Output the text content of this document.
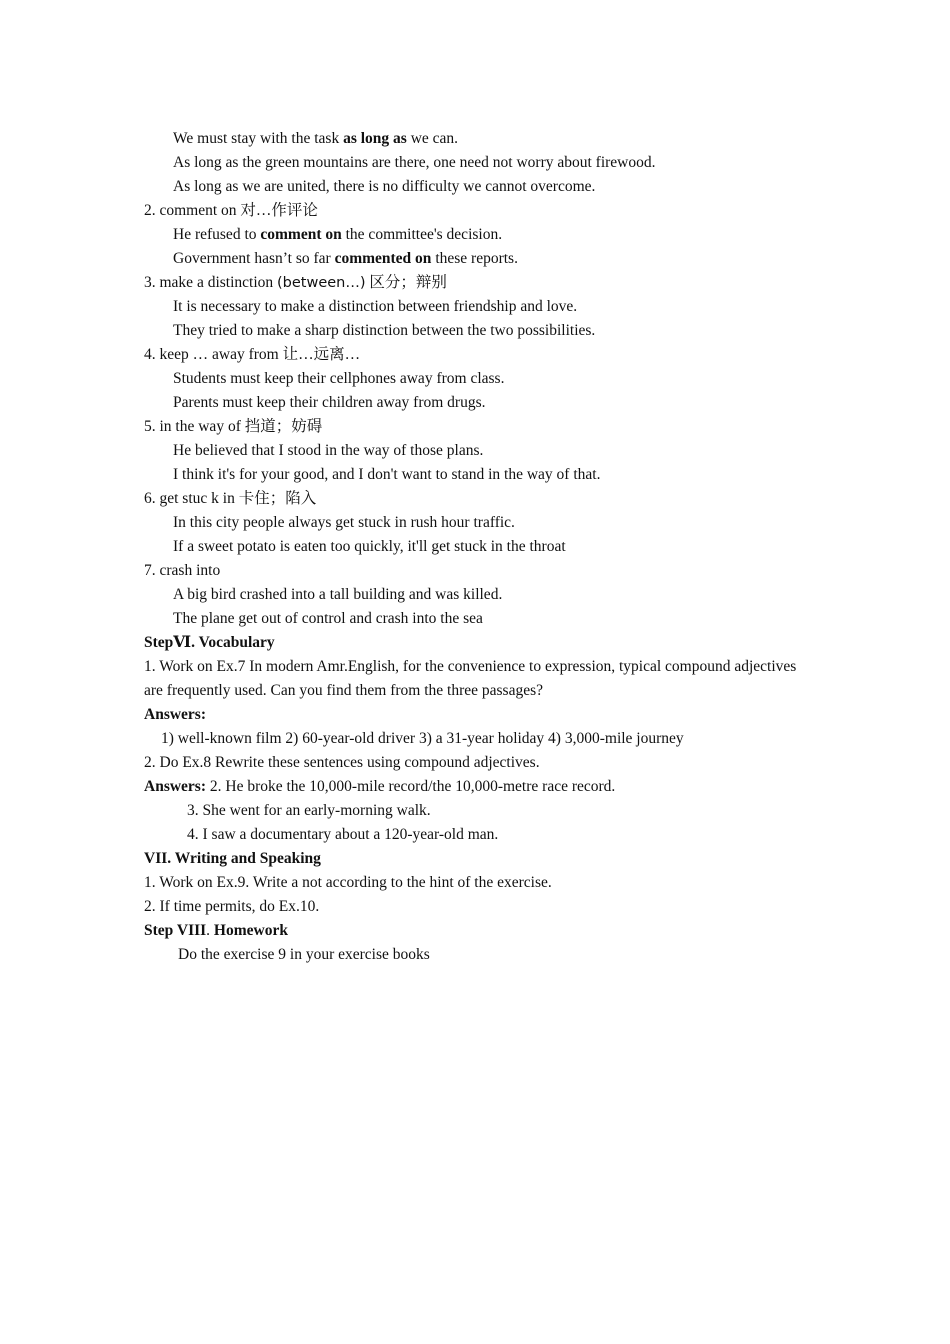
We must stay with the task as long as we can.
As long as the green mountains are there, one need not worry about firewood.
As long as we are united, there is no difficulty we cannot overcome.
2. comment on 对…作评论
He refused to comment on the committee's decision.
Government hasn’t so far commented on these reports.
3. make a distinction (between…) 区分；辩别
It is necessary to make a distinction between friendship and love.
They tried to make a sharp distinction between the two possibilities.
4. keep … away from 让…远离…
Students must keep their cellphones away from class.
Parents must keep their children away from drugs.
5. in the way of 挡道；妨碍
He believed that I stood in the way of those plans.
I think it's for your good, and I don't want to stand in the way of that.
6. get stuc k in 卡住；陷入
In this city people always get stuck in rush hour traffic.
If a sweet potato is eaten too quickly, it'll get stuck in the throat
7. crash into
A big bird crashed into a tall building and was killed.
The plane get out of control and crash into the sea
StepⅥ. Vocabulary
1. Work on Ex.7 In modern Amr.English, for the convenience to expression, typical compound adjectives are frequently used. Can you find them from the three passages?
Answers:
1) well-known film 2) 60-year-old driver 3) a 31-year holiday 4) 3,000-mile journey
2. Do Ex.8 Rewrite these sentences using compound adjectives.
Answers: 2. He broke the 10,000-mile record/the 10,000-metre race record.
3. She went for an early-morning walk.
4. I saw a documentary about a 120-year-old man.
VII. Writing and Speaking
1. Work on Ex.9. Write a not according to the hint of the exercise.
2. If time permits, do Ex.10.
Step VIII. Homework
Do the exercise 9 in your exercise books
